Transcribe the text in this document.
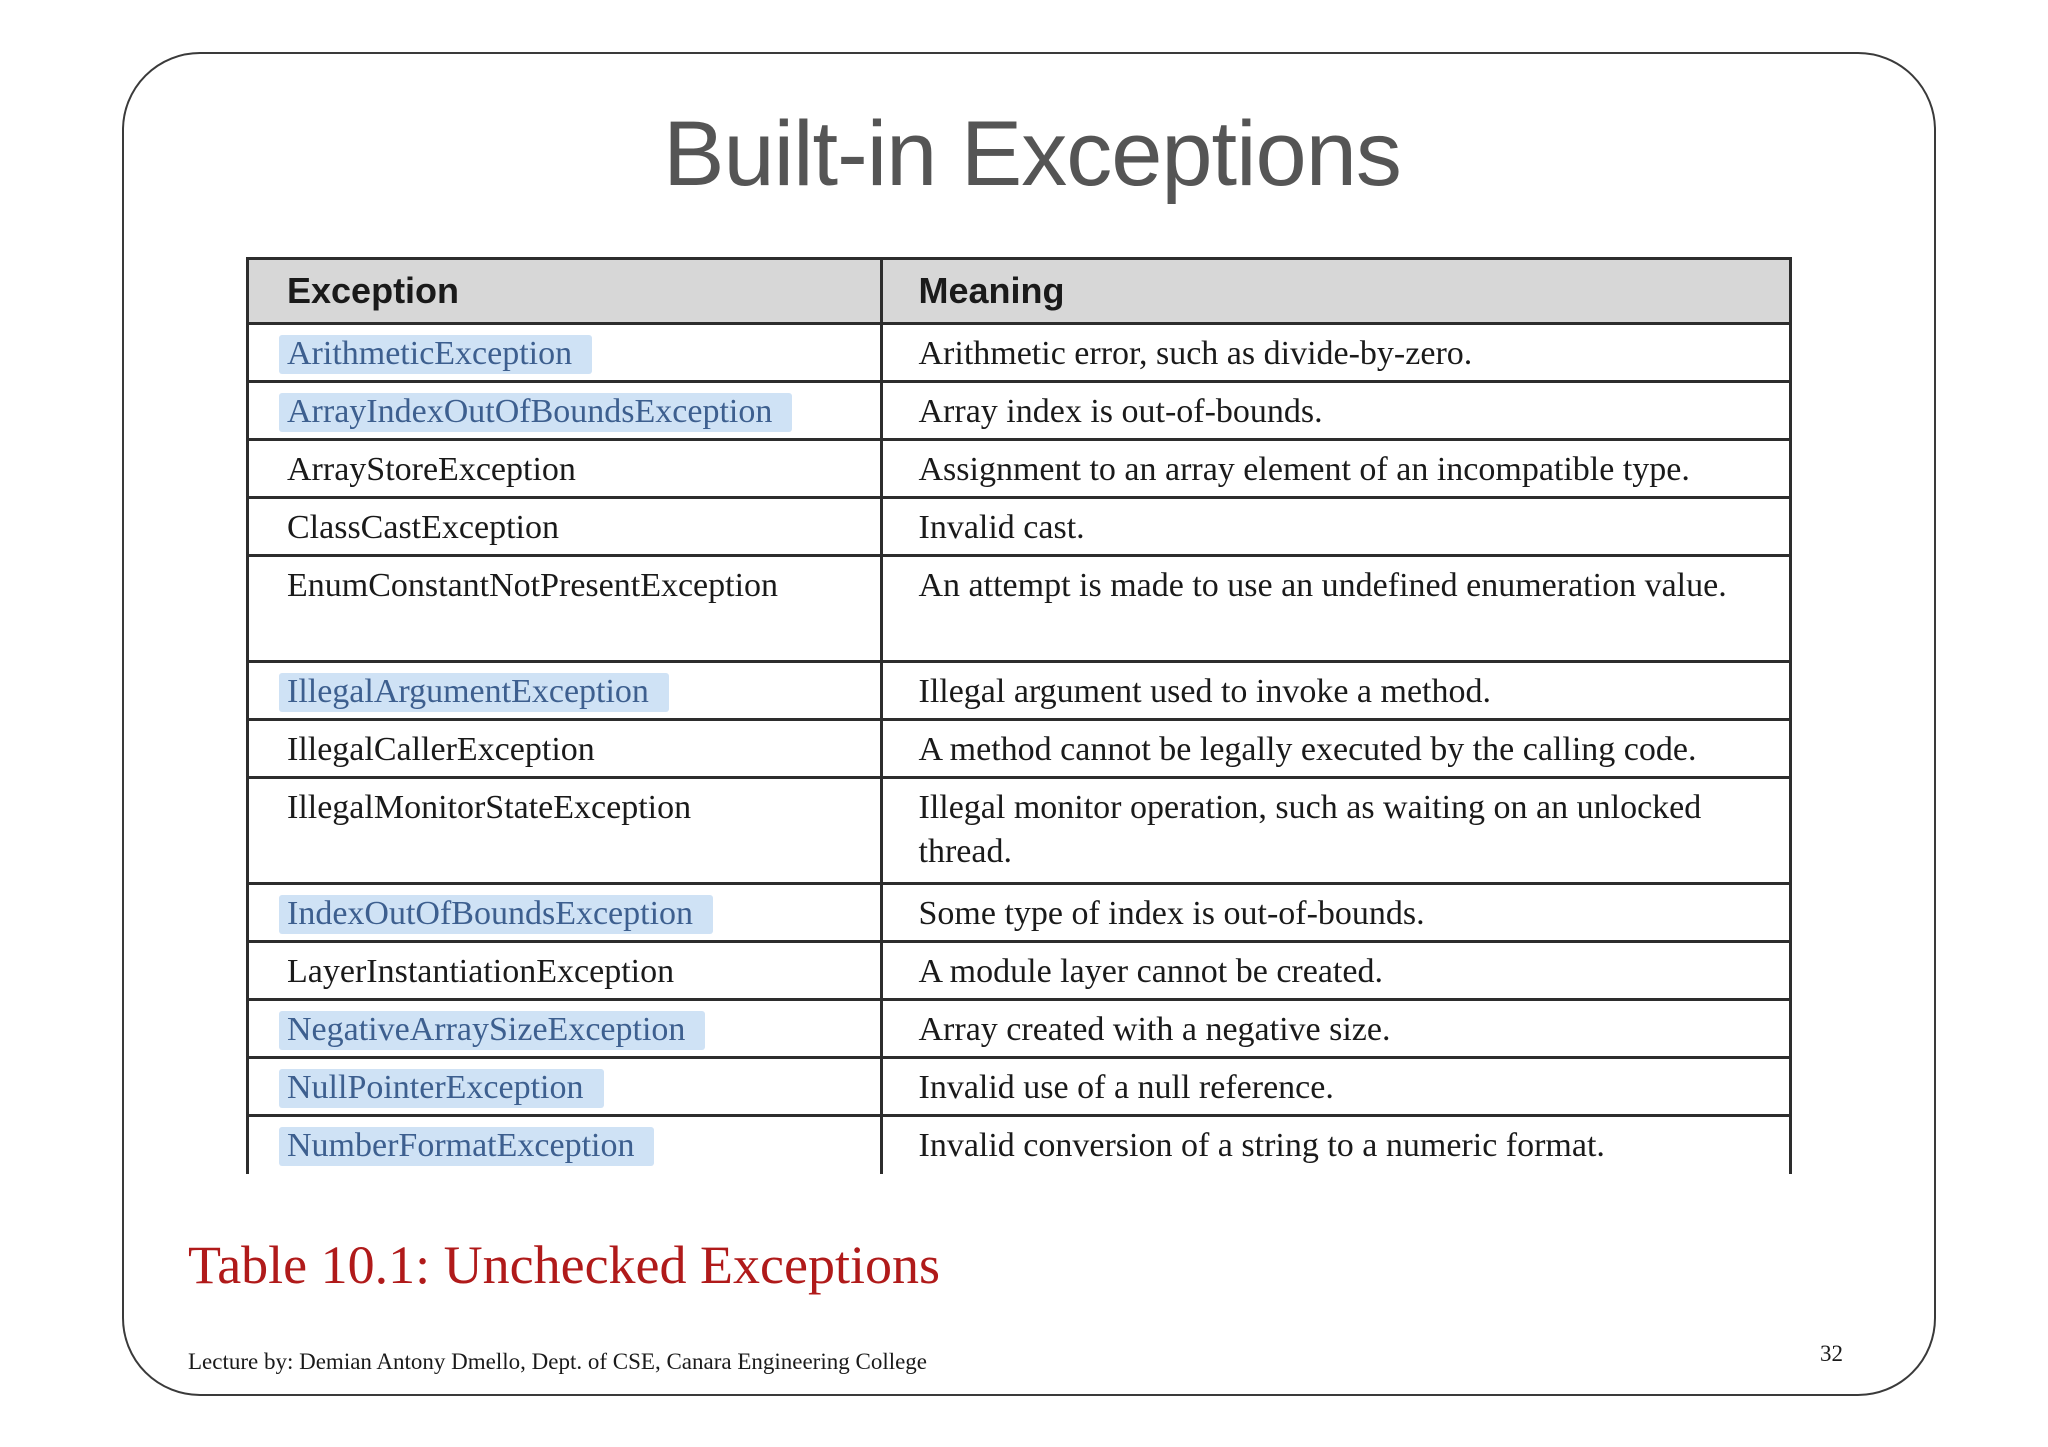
Built-in Exceptions
Exception	Meaning
ArithmeticException	Arithmetic error, such as divide-by-zero.
ArrayIndexOutOfBoundsException	Array index is out-of-bounds.
ArrayStoreException	Assignment to an array element of an incompatible type.
ClassCastException	Invalid cast.
EnumConstantNotPresentException	An attempt is made to use an undefined enumeration value.
IllegalArgumentException	Illegal argument used to invoke a method.
IllegalCallerException	A method cannot be legally executed by the calling code.
IllegalMonitorStateException	Illegal monitor operation, such as waiting on an unlocked thread.
IndexOutOfBoundsException	Some type of index is out-of-bounds.
LayerInstantiationException	A module layer cannot be created.
NegativeArraySizeException	Array created with a negative size.
NullPointerException	Invalid use of a null reference.
NumberFormatException	Invalid conversion of a string to a numeric format.
Table 10.1: Unchecked Exceptions
Lecture by: Demian Antony Dmello, Dept. of CSE, Canara Engineering College	32
